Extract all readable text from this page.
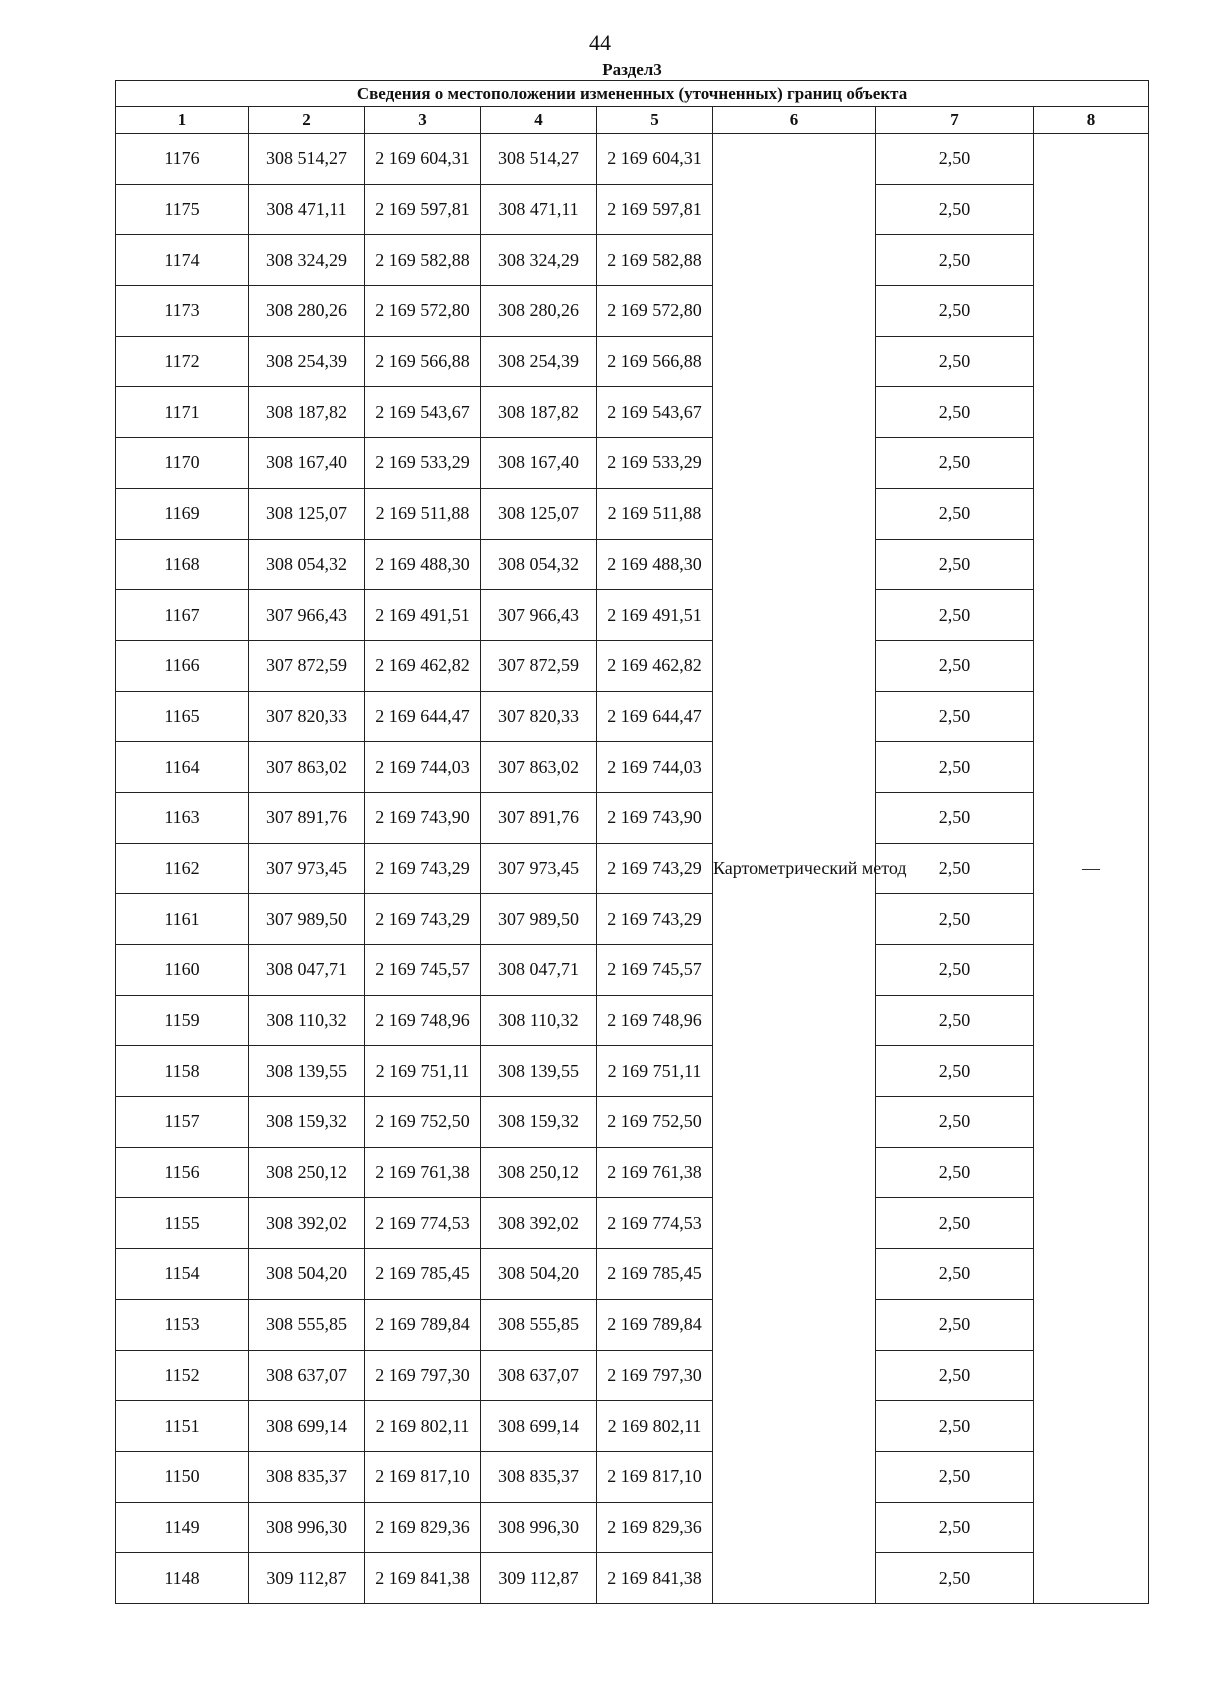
44
Раздел3
Сведения о местоположении измененных (уточненных) границ объекта							
1	2	3	4	5	6	7	8
1176	308 514,27	2 169 604,31	308 514,27	2 169 604,31	Картометрический метод	2,50	—
1175	308 471,11	2 169 597,81	308 471,11	2 169 597,81		2,50	
1174	308 324,29	2 169 582,88	308 324,29	2 169 582,88		2,50	
1173	308 280,26	2 169 572,80	308 280,26	2 169 572,80		2,50	
1172	308 254,39	2 169 566,88	308 254,39	2 169 566,88		2,50	
1171	308 187,82	2 169 543,67	308 187,82	2 169 543,67		2,50	
1170	308 167,40	2 169 533,29	308 167,40	2 169 533,29		2,50	
1169	308 125,07	2 169 511,88	308 125,07	2 169 511,88		2,50	
1168	308 054,32	2 169 488,30	308 054,32	2 169 488,30		2,50	
1167	307 966,43	2 169 491,51	307 966,43	2 169 491,51		2,50	
1166	307 872,59	2 169 462,82	307 872,59	2 169 462,82		2,50	
1165	307 820,33	2 169 644,47	307 820,33	2 169 644,47		2,50	
1164	307 863,02	2 169 744,03	307 863,02	2 169 744,03		2,50	
1163	307 891,76	2 169 743,90	307 891,76	2 169 743,90		2,50	
1162	307 973,45	2 169 743,29	307 973,45	2 169 743,29		2,50	
1161	307 989,50	2 169 743,29	307 989,50	2 169 743,29		2,50	
1160	308 047,71	2 169 745,57	308 047,71	2 169 745,57		2,50	
1159	308 110,32	2 169 748,96	308 110,32	2 169 748,96		2,50	
1158	308 139,55	2 169 751,11	308 139,55	2 169 751,11		2,50	
1157	308 159,32	2 169 752,50	308 159,32	2 169 752,50		2,50	
1156	308 250,12	2 169 761,38	308 250,12	2 169 761,38		2,50	
1155	308 392,02	2 169 774,53	308 392,02	2 169 774,53		2,50	
1154	308 504,20	2 169 785,45	308 504,20	2 169 785,45		2,50	
1153	308 555,85	2 169 789,84	308 555,85	2 169 789,84		2,50	
1152	308 637,07	2 169 797,30	308 637,07	2 169 797,30		2,50	
1151	308 699,14	2 169 802,11	308 699,14	2 169 802,11		2,50	
1150	308 835,37	2 169 817,10	308 835,37	2 169 817,10		2,50	
1149	308 996,30	2 169 829,36	308 996,30	2 169 829,36		2,50	
1148	309 112,87	2 169 841,38	309 112,87	2 169 841,38		2,50	
